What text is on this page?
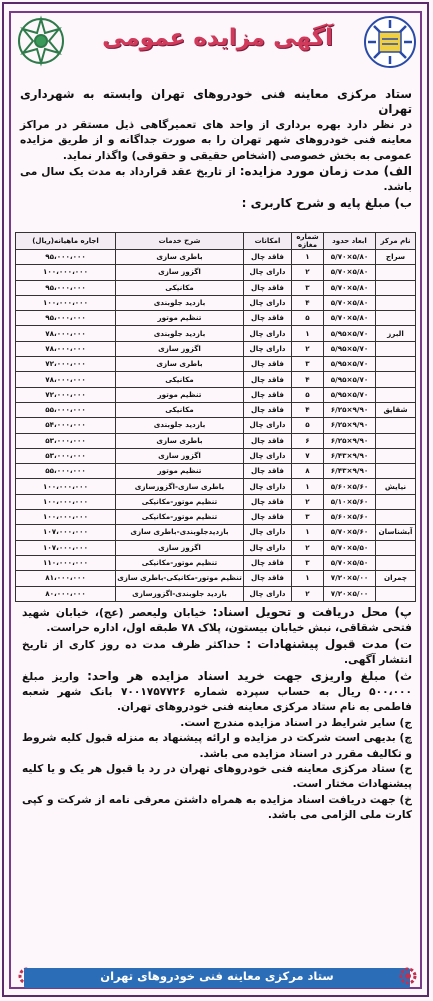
آگهی مزایده عمومی
ستاد مرکزی معاینه فنی خودروهای تهران وابسته به شهرداری تهران
در نظر دارد بهره برداری از واحد های تعمیرگاهی ذیل مستقر در مراکز معاینه فنی خودروهای شهر تهران را به صورت جداگانه و از طریق مزایده عمومی به بخش خصوصی (اشخاص حقیقی و حقوقی) واگذار نماید.
الف) مدت زمان مورد مزایده: از تاریخ عقد قرارداد به مدت یک سال می باشد.
ب) مبلغ پایه و شرح کاربری :
نام مرکز	ابعاد حدود	شماره مغازه	امکانات	شرح خدمات	اجاره ماهیانه(ریال)
سراج	۵/۸۰×۵/۷۰	۱	فاقد چال	باطری سازی	۹۵،۰۰۰،۰۰۰
	۵/۸۰×۵/۷۰	۲	دارای چال	اگزوز سازی	۱۰۰،۰۰۰،۰۰۰
	۵/۸۰×۵/۷۰	۳	فاقد چال	مکانیکی	۹۵،۰۰۰،۰۰۰
	۵/۸۰×۵/۷۰	۴	دارای چال	بازدید جلوبندی	۱۰۰،۰۰۰،۰۰۰
	۵/۸۰×۵/۷۰	۵	فاقد چال	تنظیم موتور	۹۵،۰۰۰،۰۰۰
البرز	۵/۷۰×۵/۹۵	۱	دارای چال	بازدید جلوبندی	۷۸،۰۰۰،۰۰۰
	۵/۷۰×۵/۹۵	۲	دارای چال	اگزوز سازی	۷۸،۰۰۰،۰۰۰
	۵/۷۰×۵/۹۵	۳	فاقد چال	باطری سازی	۷۲،۰۰۰،۰۰۰
	۵/۷۰×۵/۹۵	۴	فاقد چال	مکانیکی	۷۸،۰۰۰،۰۰۰
	۵/۷۰×۵/۹۵	۵	فاقد چال	تنظیم موتور	۷۲،۰۰۰،۰۰۰
شقایق	۹/۹۰×۶/۲۵	۴	فاقد چال	مکانیکی	۵۵،۰۰۰،۰۰۰
	۹/۹۰×۶/۲۵	۵	دارای چال	بازدید جلوبندی	۵۴،۰۰۰،۰۰۰
	۹/۹۰×۶/۲۵	۶	فاقد چال	باطری سازی	۵۳،۰۰۰،۰۰۰
	۹/۹۰×۶/۴۳	۷	دارای چال	اگزوز سازی	۵۳،۰۰۰،۰۰۰
	۹/۹۰×۶/۴۳	۸	فاقد چال	تنظیم موتور	۵۵،۰۰۰،۰۰۰
نیایش	۵/۶۰×۵/۶۰	۱	دارای چال	باطری سازی-اگزوزسازی	۱۰۰،۰۰۰،۰۰۰
	۵/۶۰×۵/۱۰	۲	فاقد چال	تنظیم موتور-مکانیکی	۱۰۰،۰۰۰،۰۰۰
	۵/۶۰×۵/۶۰	۳	فاقد چال	تنظیم موتور-مکانیکی	۱۰۰،۰۰۰،۰۰۰
آبشناسان	۵/۶۰×۵/۷۰	۱	دارای چال	بازدیدجلوبندی-باطری سازی	۱۰۷،۰۰۰،۰۰۰
	۵/۵۰×۵/۷۰	۲	دارای چال	اگزوز سازی	۱۰۷،۰۰۰،۰۰۰
	۵/۵۰×۵/۷۰	۳	فاقد چال	تنظیم موتور-مکانیکی	۱۱۰،۰۰۰،۰۰۰
چمران	۵/۰۰×۷/۲۰	۱	فاقد چال	تنظیم موتور-مکانیکی-باطری سازی	۸۱،۰۰۰،۰۰۰
	۵/۰۰×۷/۲۰	۲	دارای چال	بازدید جلوبندی-اگزوزسازی	۸۰،۰۰۰،۰۰۰
پ) محل دریافت و تحویل اسناد: خیابان ولیعصر (عج)، خیابان شهید فتحی شقاقی، نبش خیابان بیستون، پلاک ۷۸ طبقه اول، اداره حراست.
ت) مدت قبول پیشنهادات : حداکثر ظرف مدت ده روز کاری از تاریخ انتشار آگهی.
ث) مبلغ واریزی جهت خرید اسناد مزایده هر واحد: واریز مبلغ ۵۰۰،۰۰۰ ریال به حساب سپرده شماره ۷۰۰۱۷۵۷۷۲۶ بانک شهر شعبه فاطمی به نام ستاد مرکزی معاینه فنی خودروهای تهران.
ج) سایر شرایط در اسناد مزایده مندرج است.
چ) بدیهی است شرکت در مزایده و ارائه پیشنهاد به منزله قبول کلیه شروط و تکالیف مقرر در اسناد مزایده می باشد.
ح) ستاد مرکزی معاینه فنی خودروهای تهران در رد یا قبول هر یک و یا کلیه پیشنهادات مختار است.
خ) جهت دریافت اسناد مزایده به همراه داشتن معرفی نامه از شرکت و کپی کارت ملی الزامی می باشد.
ستاد مرکزی معاینه فنی خودروهای تهران
